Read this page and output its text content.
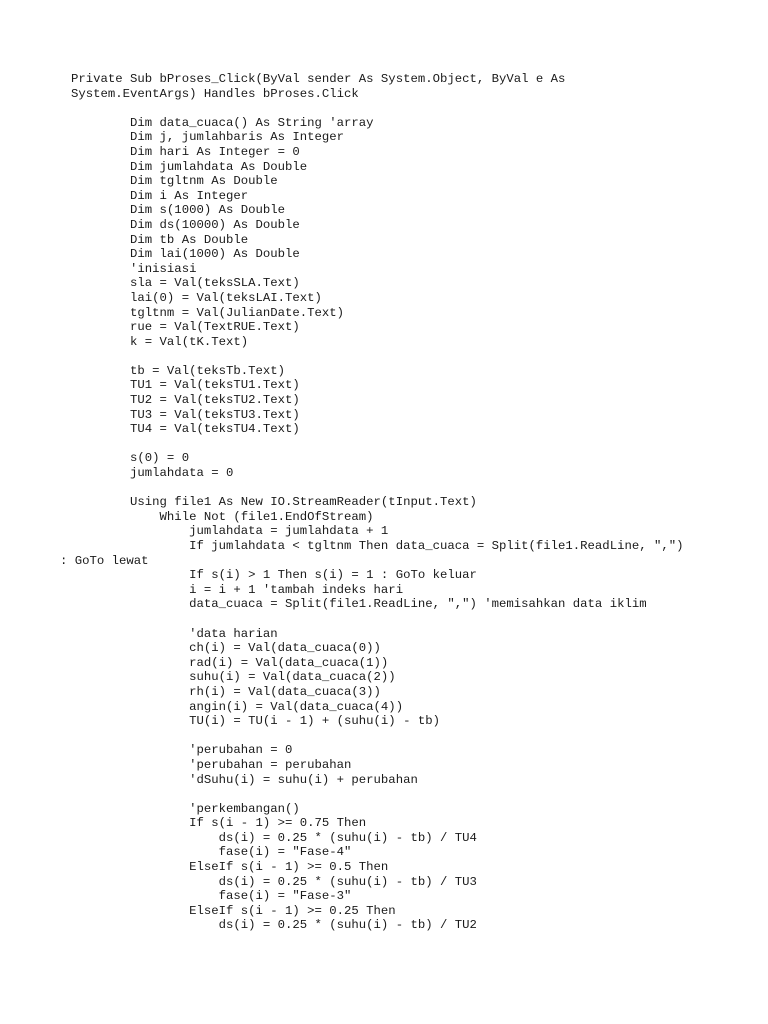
Private Sub bProses_Click(ByVal sender As System.Object, ByVal e As
System.EventArgs) Handles bProses.Click
Dim data_cuaca() As String 'array
Dim j, jumlahbaris As Integer
Dim hari As Integer = 0
Dim jumlahdata As Double
Dim tgltnm As Double
Dim i As Integer
Dim s(1000) As Double
Dim ds(10000) As Double
Dim tb As Double
Dim lai(1000) As Double
'inisiasi
sla = Val(teksSLA.Text)
lai(0) = Val(teksLAI.Text)
tgltnm = Val(JulianDate.Text)
rue = Val(TextRUE.Text)
k = Val(tK.Text)
tb = Val(teksTb.Text)
TU1 = Val(teksTU1.Text)
TU2 = Val(teksTU2.Text)
TU3 = Val(teksTU3.Text)
TU4 = Val(teksTU4.Text)
s(0) = 0
jumlahdata = 0
Using file1 As New IO.StreamReader(tInput.Text)
While Not (file1.EndOfStream)
jumlahdata = jumlahdata + 1
If jumlahdata < tgltnm Then data_cuaca = Split(file1.ReadLine, ",")
: GoTo lewat
If s(i) > 1 Then s(i) = 1 : GoTo keluar
i = i + 1 'tambah indeks hari
data_cuaca = Split(file1.ReadLine, ",") 'memisahkan data iklim
'data harian
ch(i) = Val(data_cuaca(0))
rad(i) = Val(data_cuaca(1))
suhu(i) = Val(data_cuaca(2))
rh(i) = Val(data_cuaca(3))
angin(i) = Val(data_cuaca(4))
TU(i) = TU(i - 1) + (suhu(i) - tb)
'perubahan = 0
'perubahan = perubahan
'dSuhu(i) = suhu(i) + perubahan
'perkembangan()
If s(i - 1) >= 0.75 Then
ds(i) = 0.25 * (suhu(i) - tb) / TU4
fase(i) = "Fase-4"
ElseIf s(i - 1) >= 0.5 Then
ds(i) = 0.25 * (suhu(i) - tb) / TU3
fase(i) = "Fase-3"
ElseIf s(i - 1) >= 0.25 Then
ds(i) = 0.25 * (suhu(i) - tb) / TU2
